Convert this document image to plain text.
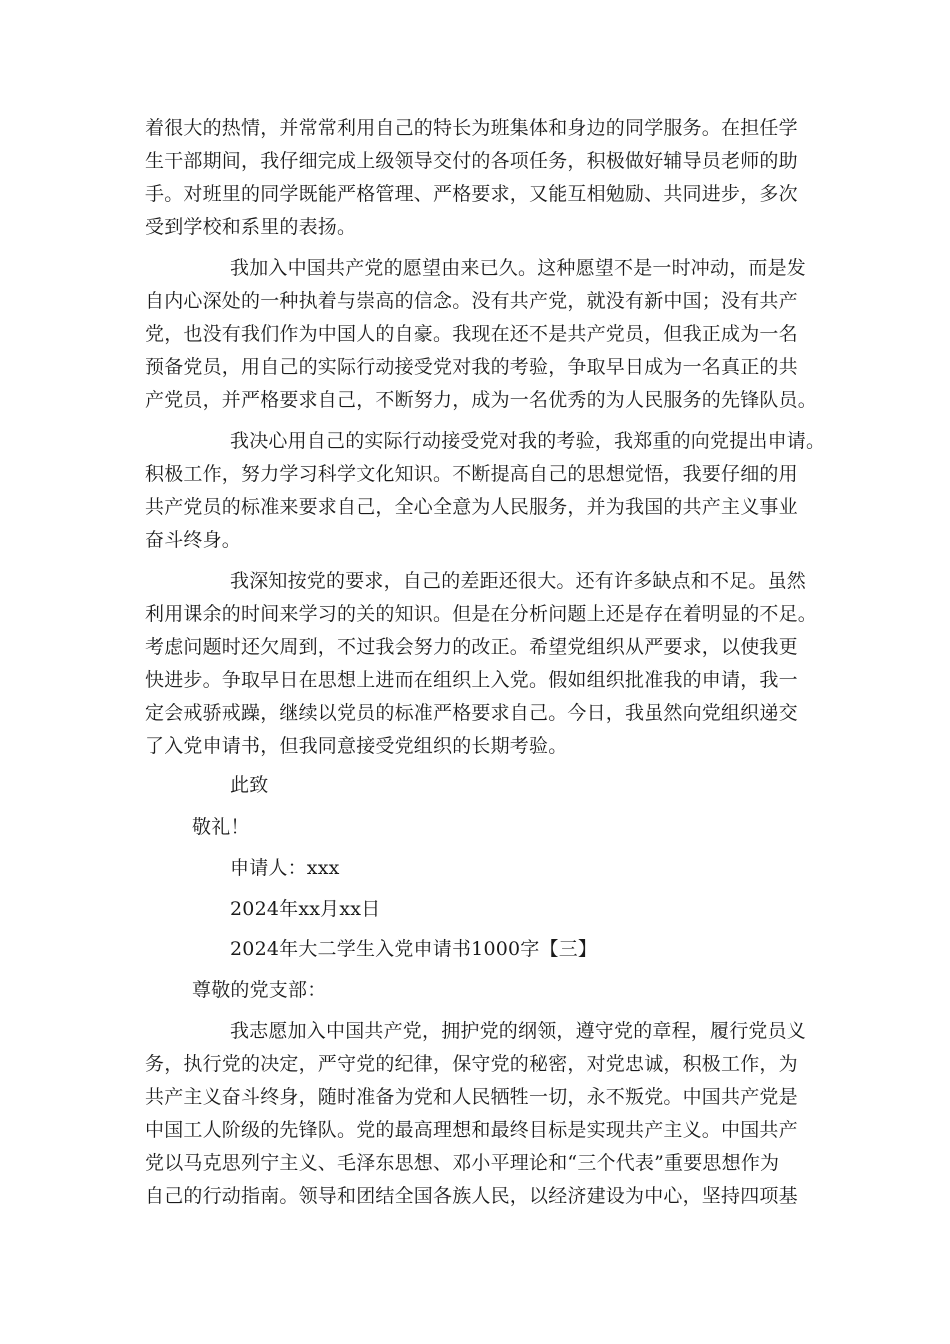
着很大的热情，并常常利用自己的特长为班集体和身边的同学服务。在担任学
生干部期间，我仔细完成上级领导交付的各项任务，积极做好辅导员老师的助
手。对班里的同学既能严格管理、严格要求，又能互相勉励、共同进步，多次
受到学校和系里的表扬。
我加入中国共产党的愿望由来已久。这种愿望不是一时冲动，而是发
自内心深处的一种执着与崇高的信念。没有共产党，就没有新中国；没有共产
党，也没有我们作为中国人的自豪。我现在还不是共产党员，但我正成为一名
预备党员，用自己的实际行动接受党对我的考验，争取早日成为一名真正的共
产党员，并严格要求自己，不断努力，成为一名优秀的为人民服务的先锋队员。
我决心用自己的实际行动接受党对我的考验，我郑重的向党提出申请。
积极工作，努力学习科学文化知识。不断提高自己的思想觉悟，我要仔细的用
共产党员的标准来要求自己，全心全意为人民服务，并为我国的共产主义事业
奋斗终身。
我深知按党的要求，自己的差距还很大。还有许多缺点和不足。虽然
利用课余的时间来学习的关的知识。但是在分析问题上还是存在着明显的不足。
考虑问题时还欠周到，不过我会努力的改正。希望党组织从严要求，以使我更
快进步。争取早日在思想上进而在组织上入党。假如组织批准我的申请，我一
定会戒骄戒躁，继续以党员的标准严格要求自己。今日，我虽然向党组织递交
了入党申请书，但我同意接受党组织的长期考验。
此致
敬礼！
申请人：xxx
2024年xx月xx日
2024年大二学生入党申请书1000字【三】
尊敬的党支部：
我志愿加入中国共产党，拥护党的纲领，遵守党的章程，履行党员义
务，执行党的决定，严守党的纪律，保守党的秘密，对党忠诚，积极工作，为
共产主义奋斗终身，随时准备为党和人民牺牲一切，永不叛党。中国共产党是
中国工人阶级的先锋队。党的最高理想和最终目标是实现共产主义。中国共产
党以马克思列宁主义、毛泽东思想、邓小平理论和“三个代表”重要思想作为
自己的行动指南。领导和团结全国各族人民，以经济建设为中心，坚持四项基
